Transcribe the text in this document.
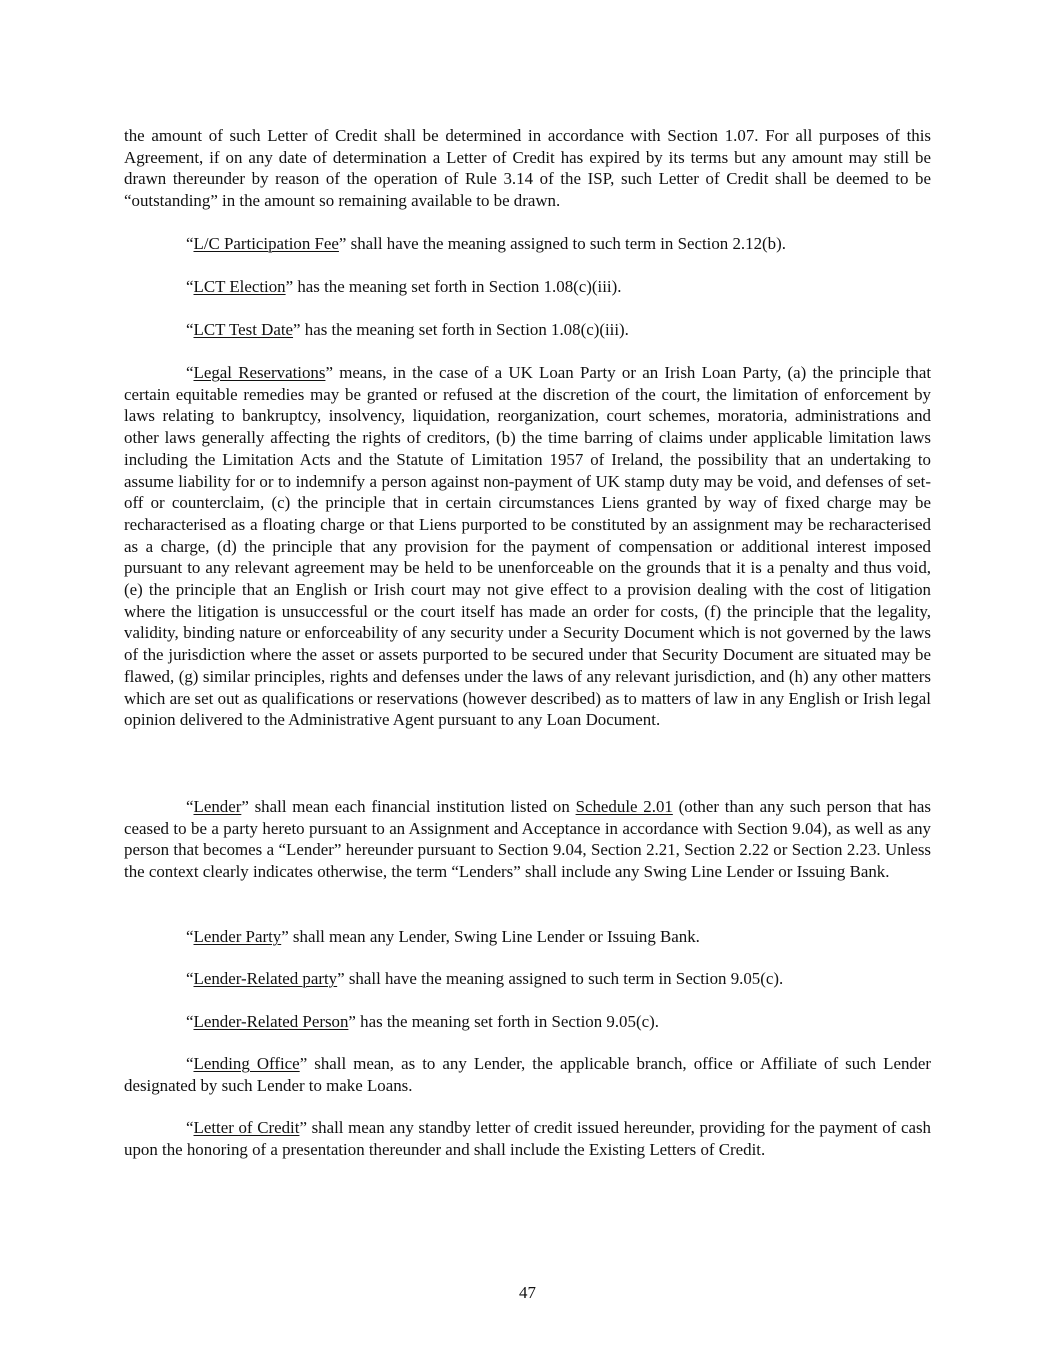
the amount of such Letter of Credit shall be determined in accordance with Section 1.07. For all purposes of this Agreement, if on any date of determination a Letter of Credit has expired by its terms but any amount may still be drawn thereunder by reason of the operation of Rule 3.14 of the ISP, such Letter of Credit shall be deemed to be “outstanding” in the amount so remaining available to be drawn.

“L/C Participation Fee” shall have the meaning assigned to such term in Section 2.12(b).

“LCT Election” has the meaning set forth in Section 1.08(c)(iii).

“LCT Test Date” has the meaning set forth in Section 1.08(c)(iii).

“Legal Reservations” means, in the case of a UK Loan Party or an Irish Loan Party, (a) the principle that certain equitable remedies may be granted or refused at the discretion of the court, the limitation of enforcement by laws relating to bankruptcy, insolvency, liquidation, reorganization, court schemes, moratoria, administrations and other laws generally affecting the rights of creditors, (b) the time barring of claims under applicable limitation laws including the Limitation Acts and the Statute of Limitation 1957 of Ireland, the possibility that an undertaking to assume liability for or to indemnify a person against non-payment of UK stamp duty may be void, and defenses of set-off or counterclaim, (c) the principle that in certain circumstances Liens granted by way of fixed charge may be recharacterised as a floating charge or that Liens purported to be constituted by an assignment may be recharacterised as a charge, (d) the principle that any provision for the payment of compensation or additional interest imposed pursuant to any relevant agreement may be held to be unenforceable on the grounds that it is a penalty and thus void, (e) the principle that an English or Irish court may not give effect to a provision dealing with the cost of litigation where the litigation is unsuccessful or the court itself has made an order for costs, (f) the principle that the legality, validity, binding nature or enforceability of any security under a Security Document which is not governed by the laws of the jurisdiction where the asset or assets purported to be secured under that Security Document are situated may be flawed, (g) similar principles, rights and defenses under the laws of any relevant jurisdiction, and (h) any other matters which are set out as qualifications or reservations (however described) as to matters of law in any English or Irish legal opinion delivered to the Administrative Agent pursuant to any Loan Document.

“Lender” shall mean each financial institution listed on Schedule 2.01 (other than any such person that has ceased to be a party hereto pursuant to an Assignment and Acceptance in accordance with Section 9.04), as well as any person that becomes a “Lender” hereunder pursuant to Section 9.04, Section 2.21, Section 2.22 or Section 2.23. Unless the context clearly indicates otherwise, the term “Lenders” shall include any Swing Line Lender or Issuing Bank.

“Lender Party” shall mean any Lender, Swing Line Lender or Issuing Bank.

“Lender-Related party” shall have the meaning assigned to such term in Section 9.05(c).

“Lender-Related Person” has the meaning set forth in Section 9.05(c).

“Lending Office” shall mean, as to any Lender, the applicable branch, office or Affiliate of such Lender designated by such Lender to make Loans.

“Letter of Credit” shall mean any standby letter of credit issued hereunder, providing for the payment of cash upon the honoring of a presentation thereunder and shall include the Existing Letters of Credit.

47
